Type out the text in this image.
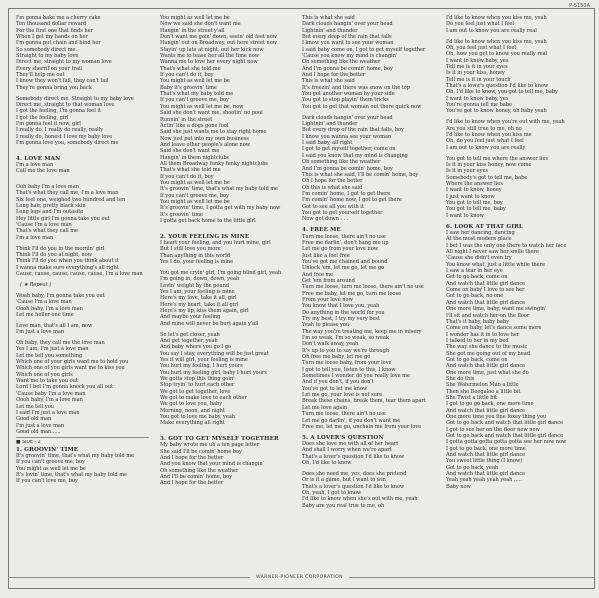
P-5150A
I'm gonna bake me a cherry cake
Ten thousand dollar reward
For the first one that finds her
When I get my hands on her
I'm gonna put chain and bind her
So somebody direct me.
Straight to my baby love
Direct me, straight to my woman love
Every sherrif on your trail
They'll help me out
I know they won't fail, they can't fail
They're gonna bring you back
Somebody direct me. Straight to my baby love
Direct me, straight to that woman love
I got the feeling, I'm gonna feel it
I got the feeling, girl
I'm gonna feel it now, girl
I really do, I really do really, really
I really do, honest I love my baby love
I'm gonna love you, somebody direct me
4. LOVE MAN
I'm a love man
Call me the love man
Ooh baby I'm a love man
That's what they call me, I'm a love man
Six feet one, weighed two hundred and ten
Long hair, pretty black skin
Long legs and I'm outasite
Hey little girl I'm gonna take you out
'Cause I'm a love man
That's what they call me
I'm a love man
Think I'll do you in the mornin' girl
Think I'll do you at night, now
Think I'll do you when you think about it
I wanna make sure everything's all right
Cause, cause, cause, cause, cause, I'm a love man
( ★ Repeat )
Woah baby, I'm gonna take you out
'Cause I'm a love man
Oooh baby, I'm a love man
Let me holler one time
Love man, that's all I am, now
I'm just a love man
Oh baby, they call me the love man
Yes I am, I'm just a love man
Let me tell you something
Which one of your girls want me to hold you
Which one of you girls want me to kiss you
Which one of you girls
Want me to take you out
Lord I bet I'm gonna knock you all out
'Cause baby I'm a love man
Oooh baby, I'm a love man
Let me tell you
I said I'm just a love man
Good old man
I'm just a love man
Good old man......
■ SIDE - 2
1. GROOVIN' TIME
It's groovin' time, that's what my baby told me
If you can't groove me, boy
You might as well let me be
It's lovin' time, that's what my baby told me
If you can't love me, boy
You might as well let me be
Now we said she don't want me
Hangin' in the street y'all
Don't want me goin' down, seein' old feet now
Hangin' out on Broadway, out here street now
Stayin' up late at night, out her kick now
Wants me to tease her all the time now
Wanna me to love her every night now
That's what she told me
If you can't do it, boy
You might as well let me be
Baby it's groovin' time
That's what my baby told me
If you can't groove me, boy
You might as well let me be, now
Said she don't want me, shootin' no pool
Runnin' in the street
Actin' like a dogs gone fool
Said she just wants me to stay right home
Now just put into my own business
And leave other people's alone now
Said she don't want me
Hangin' in them nightclubs
All them Broadway funky funky nightclubs
That's what she told me
If you can't do it, boy
You might as well let me be
It's groovin' time, that's what my baby told me
If you can't groove me, boy
You might as well let me be
It's groovin' time, I gotta get with my baby now
It's groovin' time
I gotta get back home to the little girl
2. YOUR FEELING IS MINE
I heart your feeling, and you hurt mine, girl
But I still love you more
Than anything in this world
Yes I do, your feeling is mine
You got me cryin' girl, I'm going blind girl, yeah
I'm going in, down, down, yeah
Lovin' weight by the pound
Yes I am, your feeling is mine
Here's my love, take it all, girl
Here's my heart, take it all girl
Here's my lip, kiss them again, girl
And maybe your feeling
And mine will never be hurt again y'all
So let's get closer, yeah
And get together, yeah
And baby where you go I go
You say I stay, everything will be just great
Yes it will girl, your feeling is mine
You hurt my feeling, I hurt yours
You hurt my feeling girl, baby I hurt yours
We gotta stop this thing goin'
Stop tryin' to hurt each other
We got to get together, love
We got to make love to each other
We got to love you, baby
Morning, noon, and night
You got to love me baby, yeah
Make everything all right
3. GOT TO GET MYSELF TOGETHER
My baby wrote me uh a ten page letter
She said I'll be comin' home boy
And I hope for the better
And you know that your mind is changin'
Oh something like the weather
And I'll be comin' home, boy
And I hope for the better
This is what she said
Dark clouds hangin' over your head
Lightnin' and thunder
But every drop of the rain that falls
I know you want to see your woman
I said baby come on, I got to get myself together
'Cause you know my mind is changin'
Oh something like the weather
And I'm gonna be comin' home, boy
And I hope for the better
This is what she said
It's freezin' and there was snow on the top
You got another woman by your side
You got to stop playin' them tricks
You got to get that woman out there quick now
Dark clouds hangin' over your head
Lightnin' and thunder
But every drop of the rain that falls, boy
I know you wanna see your woman
I said baby, all right
I got to get myself together, come on
I said you know that my mind is changing
Oh something like the weather
And I'm gonna be comin' home, boy
This is what she said, I'll be comin' home, boy
Oh I hope for the better
Oh this is what she said
I'm comin' home, I got to get there
I'm comin' home now, I got to get there
Got to see all you with it
You got to get yourself together
Now get down . . .
4. FREE ME
Turn me loose, there ain't no use
Free me darlin', don't hang me up
Let me go from your love now
Just like a feel free
You've got me chained and bound
Unlock 'em, let me go, let me go
And free me
Get 'em from around
Turn me loose, turn me loose, there ain't no use
Free me baby, let me go, turn me loose
From your love now
You know that I love you, yeah
Do anything in the world for you
Try my best, I try my very best
Yeah to please you
The way you're treating me, keep me in misery
I'm so weak, I'm so weak, so weak
Don't walk away, yeah
It's up to you to say we're through
Oh free me baby, let me go
Turn me loose baby, from your love
I got to tell you, listen to this, I know
Sometimes I wonder do you really love me
And if you don't, if you don't
You've got to let me know
Let me go, your love is not sure
Break these chains, break them, tear them apart
Let me love again
Turn me loose, there ain't no use
Let me go darlin', if you don't want me
Free me, let me go, unchain me from your love
5. A LOVER'S QUESTION
Does she love me with all of her heart
And shall I worry when we're apart
That's a lover's question I'd like to know
Oh, I'd like to know
Does she need me, yes, does she pretend
Or is it a game, but I want to win
That's a lover's question I'd like to know
Oh, yeah, I got to know
I'd like to know when she's out with me, yeah
Baby are you real true to me, oh
I'd like to know when you kiss me, yeah
Do you feel just what I feel
I am out to know you are really real
I'd like to know when you kiss me, yeah
Oh, you feel just what I feel
Oh, how you get to know you really real
I want to know baby, yes
Tell me is it in your eyes
Is it in your kiss, honey
Tell me is it in your touch
That's a lover's question I'd like to know
Oh, I'd like to know, you got to tell me, baby
I want to know baby, yes
You're gonna tell me babe
You've got to know honey, oh baby yeah
I'd like to know when you're out with me, yeah
Are you still true to me, oh no
I'd like to know when you kiss me
Oh, do you feel just what I feel
I am out to know you are really
You got to tell me where the answer lies
Is it in your kiss honey, now come
Is it in your eyes
Somebody's got to tell me, babe
Where the answer lies
I want to know, honey
I just want to know
You got to tell me, boy
You got to tell me, baby
I want to know
6. LOOK AT THAT GIRL
I saw her dancing, dancing
At the most modern place
I bet I was the only one there to watch her face
All night I never saw her smile there
'Cause she didn't even try
You know what, just a little while there
I saw a tear in her eye
Get to go back, come on
And watch that little girl dance
Come on baby I love to see her
Got to go back, no one
And watch that little girl dance
One more time, baby, want me swingin'
I'll sit and watch her on the floor
That's it baby, baby baby
Come on baby, let's dance some more
I wonder has it in to love her
I talked to her in my bed
The way she dance to the music
She got me going out of my head
Got to go back, come on
And watch that little girl dance
One more time, just what she do
She do this
She Watermelon Man a little
Then she Boogaloo a little bit
She Twist a little bit
I got to go go back, one more time
And watch that little girl dance
One more time you fine foxey thing you
Got to go back and watch that little girl dance
I got to see her on the floor now now
Got to go back and watch that little girl dance
I gotta gotta gotta gotta gotta see her now now
I got to go back, one more time
And watch that little girl dance
You sweet little thing (I know)
Got to go back, yeah
And watch that little girl dance
Yeah yeah yeah yeah yeah .....
Baby now
WARNER-PIONEER CORPORATION
